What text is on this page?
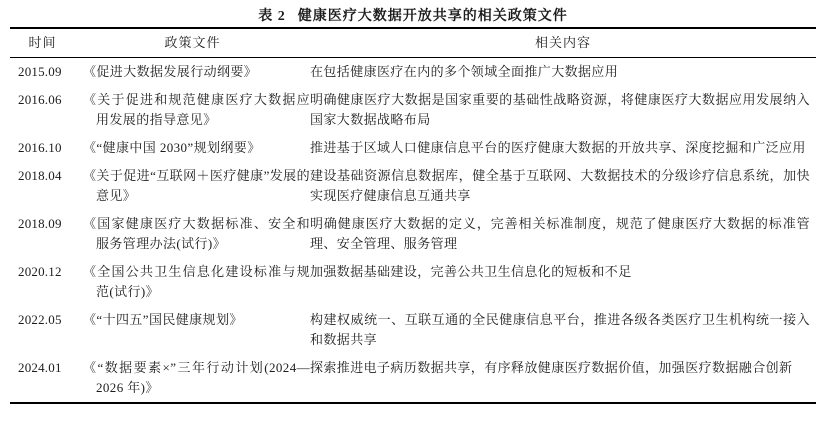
表 2 健康医疗大数据开放共享的相关政策文件
时间	政策文件	相关内容
2015.09	《促进大数据发展行动纲要》	在包括健康医疗在内的多个领域全面推广大数据应用
2016.06	《关于促进和规范健康医疗大数据应用发展的指导意见》	明确健康医疗大数据是国家重要的基础性战略资源，将健康医疗大数据应用发展纳入国家大数据战略布局
2016.10	《“健康中国 2030”规划纲要》	推进基于区域人口健康信息平台的医疗健康大数据的开放共享、深度挖掘和广泛应用
2018.04	《关于促进“互联网＋医疗健康”发展的意见》	建设基础资源信息数据库，健全基于互联网、大数据技术的分级诊疗信息系统，加快实现医疗健康信息互通共享
2018.09	《国家健康医疗大数据标准、安全和服务管理办法(试行)》	明确健康医疗大数据的定义，完善相关标准制度，规范了健康医疗大数据的标准管理、安全管理、服务管理
2020.12	《全国公共卫生信息化建设标准与规范(试行)》	加强数据基础建设，完善公共卫生信息化的短板和不足
2022.05	《“十四五”国民健康规划》	构建权威统一、互联互通的全民健康信息平台，推进各级各类医疗卫生机构统一接入和数据共享
2024.01	《“数据要素×”三年行动计划(2024—2026 年)》	探索推进电子病历数据共享，有序释放健康医疗数据价值，加强医疗数据融合创新
